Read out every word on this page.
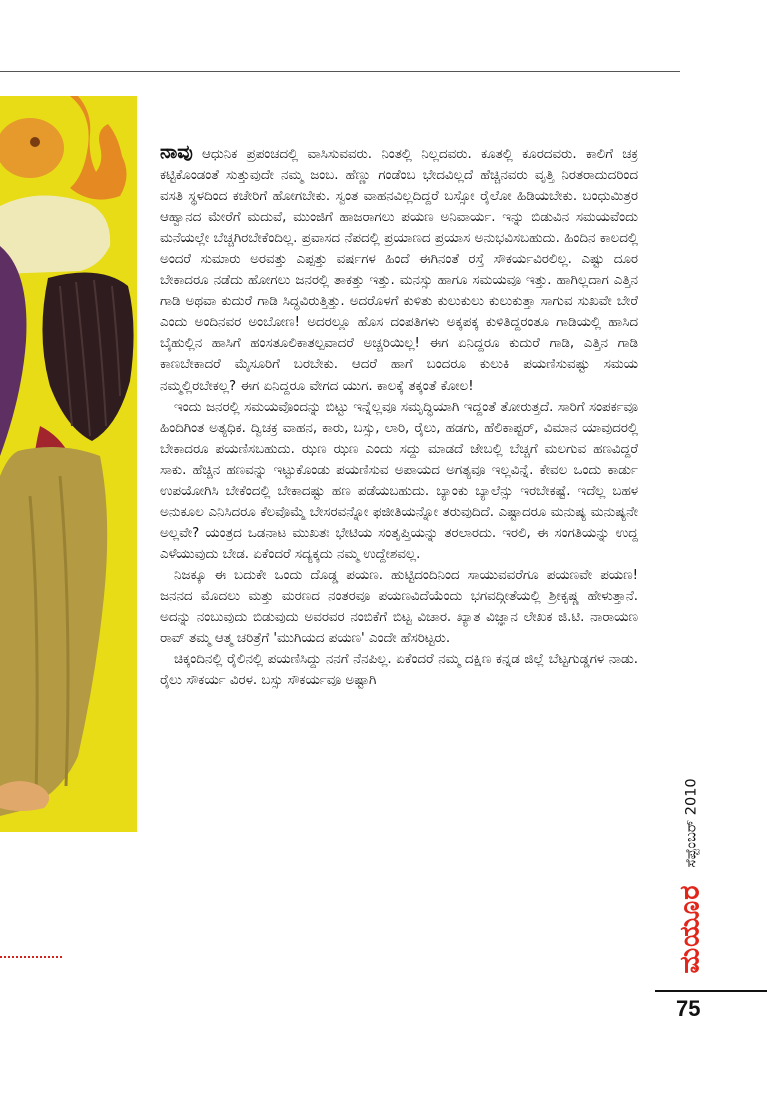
ನಾವು ಆಧುನಿಕ ಪ್ರಪಂಚದಲ್ಲಿ ವಾಸಿಸುವವರು. ನಿಂತಲ್ಲಿ ನಿಲ್ಲದವರು. ಕೂತಲ್ಲಿ ಕೂರದವರು. ಕಾಲಿಗೆ ಚಕ್ರ ಕಟ್ಟಿಕೊಂಡಂತೆ ಸುತ್ತುವುದೇ ನಮ್ಮ ಜಂಬ. ಹೆಣ್ಣು ಗಂಡೆಂಬ ಭೇದವಿಲ್ಲದೆ ಹೆಚ್ಚಿನವರು ವೃತ್ತಿ ನಿರತರಾದುದರಿಂದ ವಸತಿ ಸ್ಥಳದಿಂದ ಕಚೇರಿಗೆ ಹೋಗಬೇಕು. ಸ್ವಂತ ವಾಹನವಿಲ್ಲದಿದ್ದರೆ ಬಸ್ಸೋ ರೈಲೋ ಹಿಡಿಯಬೇಕು. ಬಂಧುಮಿತ್ರರ ಆಹ್ವಾನದ ಮೇರೆಗೆ ಮದುವೆ, ಮುಂಜಿಗೆ ಹಾಜರಾಗಲು ಪಯಣ ಅನಿವಾರ್ಯ. ಇನ್ನು ಬಿಡುವಿನ ಸಮಯವೆಂದು ಮನೆಯಲ್ಲೇ ಬೆಚ್ಚಗಿರಬೇಕೆಂದಿಲ್ಲ. ಪ್ರವಾಸದ ನೆಪದಲ್ಲಿ ಪ್ರಯಾಣದ ಪ್ರಯಾಸ ಅನುಭವಿಸಬಹುದು. ಹಿಂದಿನ ಕಾಲದಲ್ಲಿ ಅಂದರೆ ಸುಮಾರು ಅರವತ್ತು ಎಪ್ಪತ್ತು ವರ್ಷಗಳ ಹಿಂದೆ ಈಗಿನಂತೆ ರಸ್ತೆ ಸೌಕರ್ಯವಿರಲಿಲ್ಲ. ಎಷ್ಟು ದೂರ ಬೇಕಾದರೂ ನಡೆದು ಹೋಗಲು ಜನರಲ್ಲಿ ತಾಕತ್ತು ಇತ್ತು. ಮನಸ್ಸು ಹಾಗೂ ಸಮಯವೂ ಇತ್ತು. ಹಾಗಿಲ್ಲದಾಗ ಎತ್ತಿನ ಗಾಡಿ ಅಥವಾ ಕುದುರೆ ಗಾಡಿ ಸಿದ್ಧವಿರುತ್ತಿತ್ತು. ಅದರೊಳಗೆ ಕುಳಿತು ಕುಲುಕುಲು ಕುಲುಕುತ್ತಾ ಸಾಗುವ ಸುಖವೇ ಬೇರೆ ಎಂದು ಅಂದಿನವರ ಅಂಬೋಣ! ಅದರಲ್ಲೂ ಹೊಸ ದಂಪತಿಗಳು ಅಕ್ಕಪಕ್ಕ ಕುಳಿತಿದ್ದರಂತೂ ಗಾಡಿಯಲ್ಲಿ ಹಾಸಿದ ಬೈಹುಲ್ಲಿನ ಹಾಸಿಗೆ ಹಂಸತೂಲಿಕಾತಲ್ಪವಾದರೆ ಅಚ್ಚರಿಯಿಲ್ಲ! ಈಗ ಏನಿದ್ದರೂ ಕುದುರೆ ಗಾಡಿ, ಎತ್ತಿನ ಗಾಡಿ ಕಾಣಬೇಕಾದರೆ ಮೈಸೂರಿಗೆ ಬರಬೇಕು. ಆದರೆ ಹಾಗೆ ಬಂದರೂ ಕುಲುಕಿ ಪಯಣಿಸುವಷ್ಟು ಸಮಯ ನಮ್ಮಲ್ಲಿರಬೇಕಲ್ಲ? ಈಗ ಏನಿದ್ದರೂ ವೇಗದ ಯುಗ. ಕಾಲಕ್ಕೆ ತಕ್ಕಂತೆ ಕೋಲ!

ಇಂದು ಜನರಲ್ಲಿ ಸಮಯವೊಂದನ್ನು ಬಿಟ್ಟು ಇನ್ನೆಲ್ಲವೂ ಸಮೃದ್ಧಿಯಾಗಿ ಇದ್ದಂತೆ ತೋರುತ್ತದೆ. ಸಾರಿಗೆ ಸಂಪರ್ಕವೂ ಹಿಂದಿಗಿಂತ ಅತ್ಯಧಿಕ. ದ್ವಿಚಕ್ರ ವಾಹನ, ಕಾರು, ಬಸ್ಸು, ಲಾರಿ, ರೈಲು, ಹಡಗು, ಹೆಲಿಕಾಪ್ಟರ್, ವಿಮಾನ ಯಾವುದರಲ್ಲಿ ಬೇಕಾದರೂ ಪಯಣಿಸಬಹುದು. ಝಣ ಝಣ ಎಂದು ಸದ್ದು ಮಾಡದೆ ಜೇಬಲ್ಲಿ ಬೆಚ್ಚಗೆ ಮಲಗುವ ಹಣವಿದ್ದರೆ ಸಾಕು. ಹೆಚ್ಚಿನ ಹಣವನ್ನು ಇಟ್ಟುಕೊಂಡು ಪಯಣಿಸುವ ಅಪಾಯದ ಅಗತ್ಯವೂ ಇಲ್ಲವಿನ್ನೆ. ಕೇವಲ ಒಂದು ಕಾರ್ಡು ಉಪಯೋಗಿಸಿ ಬೇಕೆಂದಲ್ಲಿ ಬೇಕಾದಷ್ಟು ಹಣ ಪಡೆಯಬಹುದು. ಬ್ಯಾಂಕು ಬ್ಯಾಲೆನ್ಸು ಇರಬೇಕಷ್ಟೆ. ಇದೆಲ್ಲ ಬಹಳ ಅನುಕೂಲ ಎನಿಸಿದರೂ ಕೆಲವೊಮ್ಮೆ ಬೇಸರವನ್ನೋ ಫಜೀತಿಯನ್ನೋ ತರುವುದಿದೆ. ಎಷ್ಟಾದರೂ ಮನುಷ್ಯ ಮನುಷ್ಯನೇ ಅಲ್ಲವೇ? ಯಂತ್ರದ ಒಡನಾಟ ಮುಖತಃ ಭೇಟಿಯ ಸಂತೃಪ್ತಿಯನ್ನು ತರಲಾರದು. ಇರಲಿ, ಈ ಸಂಗತಿಯನ್ನು ಉದ್ದ ಎಳೆಯುವುದು ಬೇಡ. ಏಕೆಂದರೆ ಸದ್ಯಕ್ಕದು ನಮ್ಮ ಉದ್ದೇಶವಲ್ಲ.

ನಿಜಕ್ಕೂ ಈ ಬದುಕೇ ಒಂದು ದೊಡ್ಡ ಪಯಣ. ಹುಟ್ಟಿದಂದಿನಿಂದ ಸಾಯುವವರೆಗೂ ಪಯಣವೇ ಪಯಣ! ಜನನದ ಮೊದಲು ಮತ್ತು ಮರಣದ ನಂತರವೂ ಪಯಣವಿದೆಯೆಂದು ಭಗವದ್ಗೀತೆಯಲ್ಲಿ ಶ್ರೀಕೃಷ್ಣ ಹೇಳುತ್ತಾನೆ. ಅದನ್ನು ನಂಬುವುದು ಬಿಡುವುದು ಅವರವರ ನಂಬಿಕೆಗೆ ಬಿಟ್ಟ ವಿಚಾರ. ಖ್ಯಾತ ವಿಜ್ಞಾನ ಲೇಖಕ ಜಿ.ಟಿ. ನಾರಾಯಣ ರಾವ್ ತಮ್ಮ ಆತ್ಮ ಚರಿತ್ರೆಗೆ 'ಮುಗಿಯದ ಪಯಣ' ಎಂದೇ ಹೆಸರಿಟ್ಟರು.

ಚಿಕ್ಕಂದಿನಲ್ಲಿ ರೈಲಿನಲ್ಲಿ ಪಯಣಿಸಿದ್ದು ನನಗೆ ನೆನಪಿಲ್ಲ. ಏಕೆಂದರೆ ನಮ್ಮ ದಕ್ಷಿಣ ಕನ್ನಡ ಜಿಲ್ಲೆ ಬೆಟ್ಟಗುಡ್ಡಗಳ ನಾಡು. ರೈಲು ಸೌಕರ್ಯ ವಿರಳ. ಬಸ್ಸು ಸೌಕರ್ಯವೂ ಅಷ್ಟಾಗಿ

ಸೆಪ್ಟೆಂಬರ್ 2010
ಮಯೂರ
75
